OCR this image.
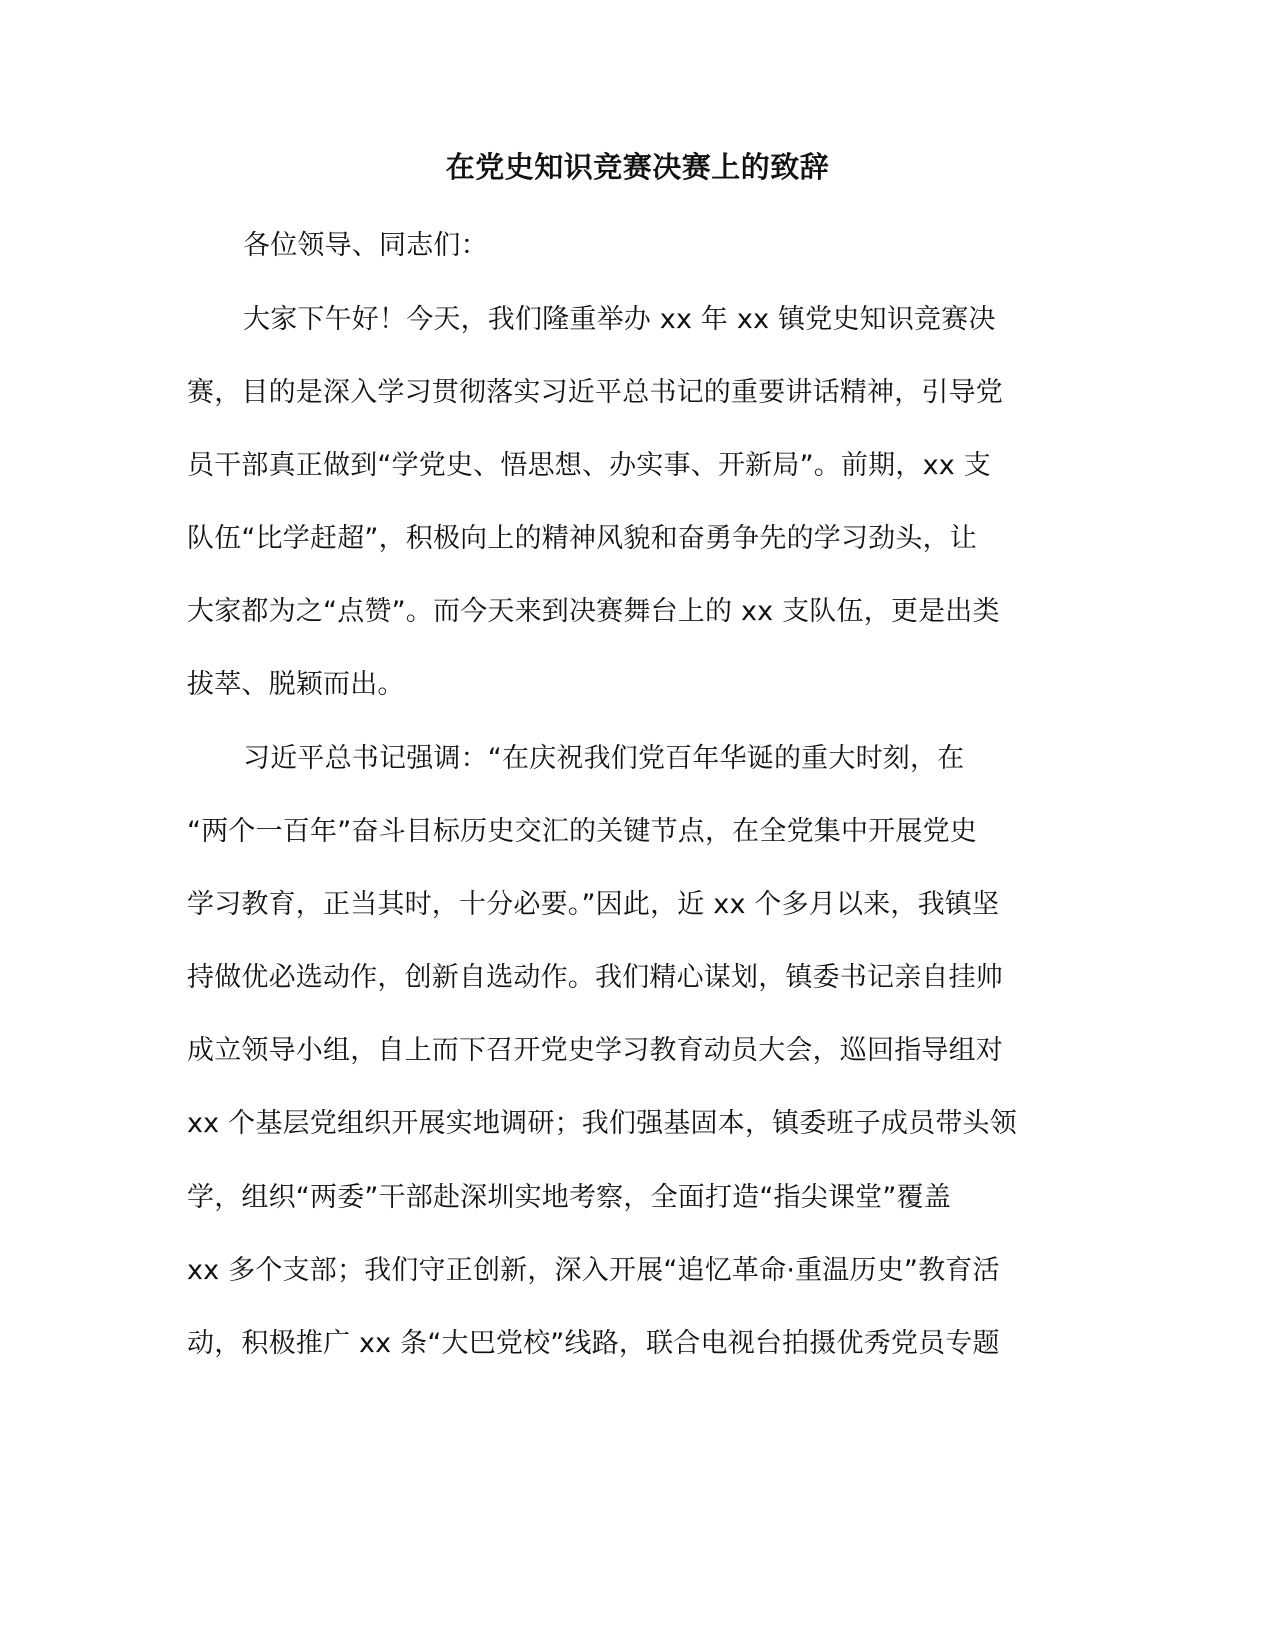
在党史知识竞赛决赛上的致辞
各位领导、同志们：
大家下午好！今天，我们隆重举办 xx 年 xx 镇党史知识竞赛决
赛，目的是深入学习贯彻落实习近平总书记的重要讲话精神，引导党
员干部真正做到“学党史、悟思想、办实事、开新局”。前期，xx 支
队伍“比学赶超”，积极向上的精神风貌和奋勇争先的学习劲头，让
大家都为之“点赞”。而今天来到决赛舞台上的 xx 支队伍，更是出类
拔萃、脱颖而出。
习近平总书记强调：“在庆祝我们党百年华诞的重大时刻，在
“两个一百年”奋斗目标历史交汇的关键节点，在全党集中开展党史
学习教育，正当其时，十分必要。”因此，近 xx 个多月以来，我镇坚
持做优必选动作，创新自选动作。我们精心谋划，镇委书记亲自挂帅
成立领导小组，自上而下召开党史学习教育动员大会，巡回指导组对
xx 个基层党组织开展实地调研；我们强基固本，镇委班子成员带头领
学，组织“两委”干部赴深圳实地考察，全面打造“指尖课堂”覆盖
xx 多个支部；我们守正创新，深入开展“追忆革命·重温历史”教育活
动，积极推广 xx 条“大巴党校”线路，联合电视台拍摄优秀党员专题
